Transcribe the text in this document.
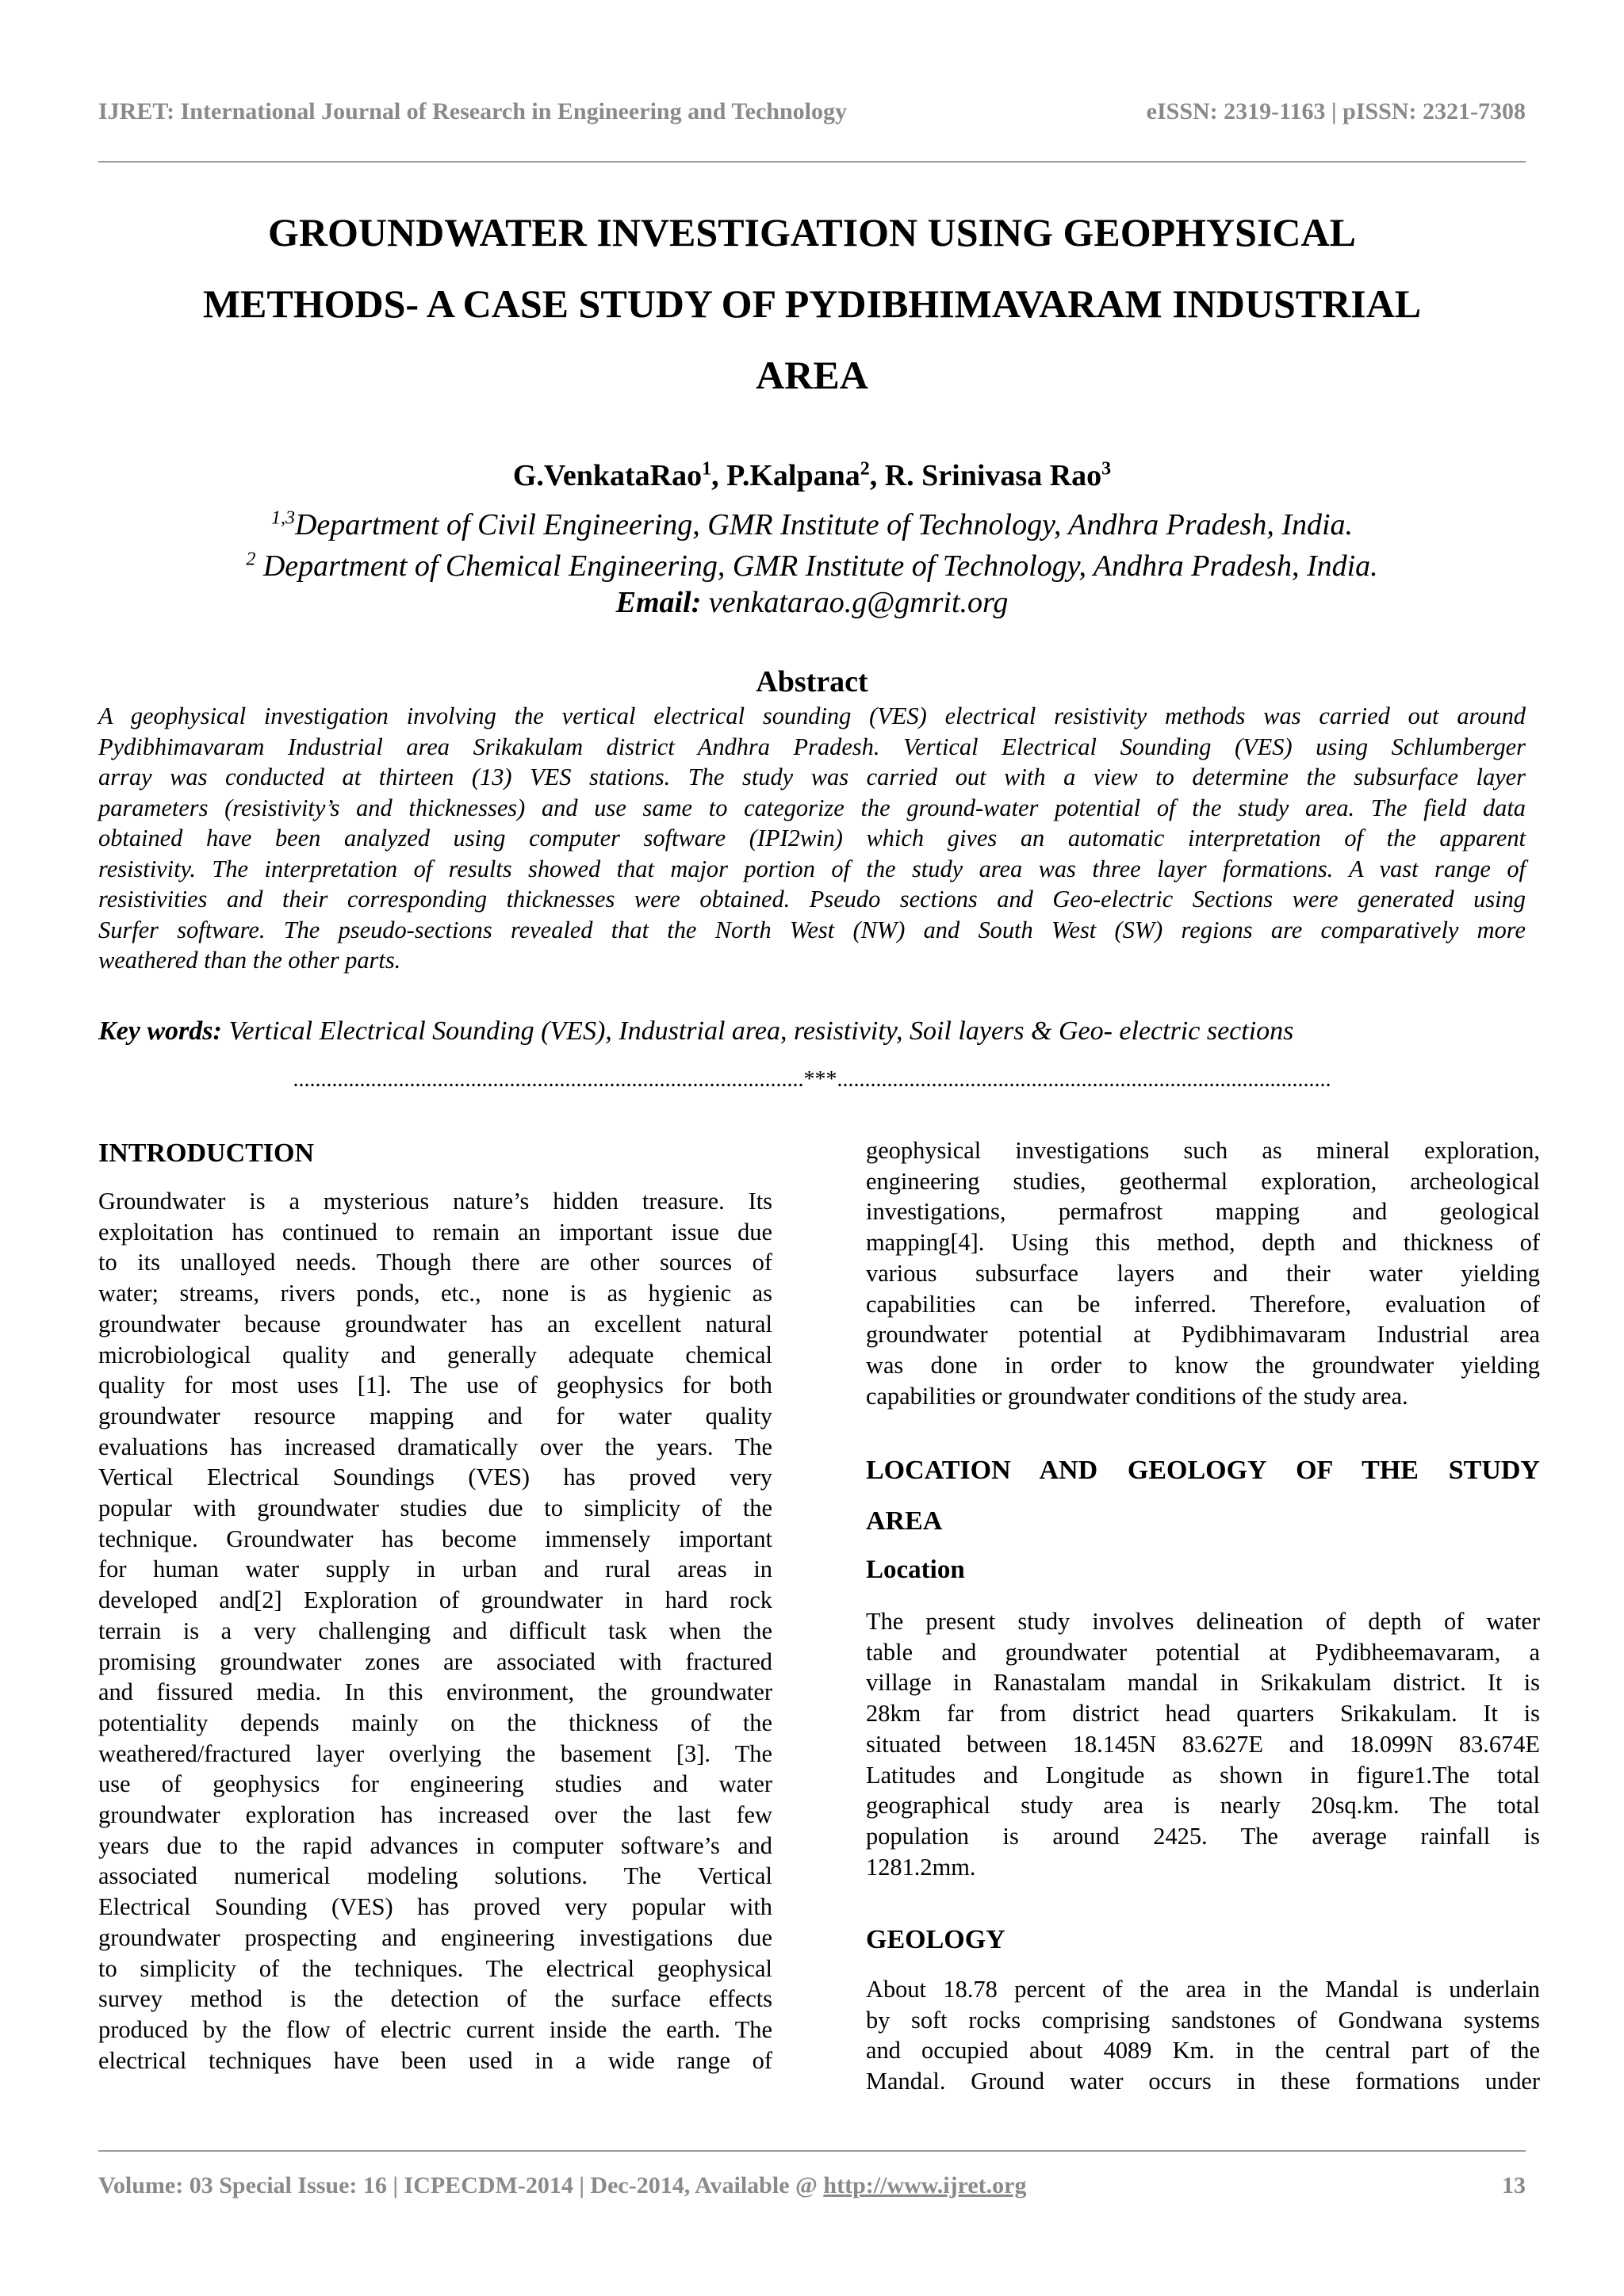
IJRET: International Journal of Research in Engineering and Technology	eISSN: 2319-1163 | pISSN: 2321-7308
GROUNDWATER INVESTIGATION USING GEOPHYSICAL
METHODS- A CASE STUDY OF PYDIBHIMAVARAM INDUSTRIAL
AREA
G.VenkataRao$^1$, P.Kalpana$^2$, R. Srinivasa Rao$^3$
$^{1,3}$Department of Civil Engineering, GMR Institute of Technology, Andhra Pradesh, India.
$^2$ Department of Chemical Engineering, GMR Institute of Technology, Andhra Pradesh, India.
Email: venkatarao.g@gmrit.org
Abstract
A geophysical investigation involving the vertical electrical sounding (VES) electrical resistivity methods was carried out around
Pydibhimavaram Industrial area Srikakulam district Andhra Pradesh. Vertical Electrical Sounding (VES) using Schlumberger
array was conducted at thirteen (13) VES stations. The study was carried out with a view to determine the subsurface layer
parameters (resistivity’s and thicknesses) and use same to categorize the ground-water potential of the study area. The field data
obtained have been analyzed using computer software (IPI2win) which gives an automatic interpretation of the apparent
resistivity. The interpretation of results showed that major portion of the study area was three layer formations. A vast range of
resistivities and their corresponding thicknesses were obtained. Pseudo sections and Geo-electric Sections were generated using
Surfer software. The pseudo-sections revealed that the North West (NW) and South West (SW) regions are comparatively more
weathered than the other parts.
Key words: Vertical Electrical Sounding (VES), Industrial area, resistivity, Soil layers & Geo- electric sections
............................................................................................***.........................................................................................
INTRODUCTION
Groundwater is a mysterious nature’s hidden treasure. Its
exploitation has continued to remain an important issue due
to its unalloyed needs. Though there are other sources of
water; streams, rivers ponds, etc., none is as hygienic as
groundwater because groundwater has an excellent natural
microbiological quality and generally adequate chemical
quality for most uses [1]. The use of geophysics for both
groundwater resource mapping and for water quality
evaluations has increased dramatically over the years. The
Vertical Electrical Soundings (VES) has proved very
popular with groundwater studies due to simplicity of the
technique. Groundwater has become immensely important
for human water supply in urban and rural areas in
developed and[2] Exploration of groundwater in hard rock
terrain is a very challenging and difficult task when the
promising groundwater zones are associated with fractured
and fissured media. In this environment, the groundwater
potentiality depends mainly on the thickness of the
weathered/fractured layer overlying the basement [3]. The
use of geophysics for engineering studies and water
groundwater exploration has increased over the last few
years due to the rapid advances in computer software’s and
associated numerical modeling solutions. The Vertical
Electrical Sounding (VES) has proved very popular with
groundwater prospecting and engineering investigations due
to simplicity of the techniques. The electrical geophysical
survey method is the detection of the surface effects
produced by the flow of electric current inside the earth. The
electrical techniques have been used in a wide range of
geophysical investigations such as mineral exploration,
engineering studies, geothermal exploration, archeological
investigations, permafrost mapping and geological
mapping[4]. Using this method, depth and thickness of
various subsurface layers and their water yielding
capabilities can be inferred. Therefore, evaluation of
groundwater potential at Pydibhimavaram Industrial area
was done in order to know the groundwater yielding
capabilities or groundwater conditions of the study area.
LOCATION AND GEOLOGY OF THE STUDY
AREA
Location
The present study involves delineation of depth of water
table and groundwater potential at Pydibheemavaram, a
village in Ranastalam mandal in Srikakulam district. It is
28km far from district head quarters Srikakulam. It is
situated between 18.145N 83.627E and 18.099N 83.674E
Latitudes and Longitude as shown in figure1.The total
geographical study area is nearly 20sq.km. The total
population is around 2425. The average rainfall is
1281.2mm.
GEOLOGY
About 18.78 percent of the area in the Mandal is underlain
by soft rocks comprising sandstones of Gondwana systems
and occupied about 4089 Km. in the central part of the
Mandal. Ground water occurs in these formations under
Volume: 03 Special Issue: 16 | ICPECDM-2014 | Dec-2014, Available @ http://www.ijret.org	13
